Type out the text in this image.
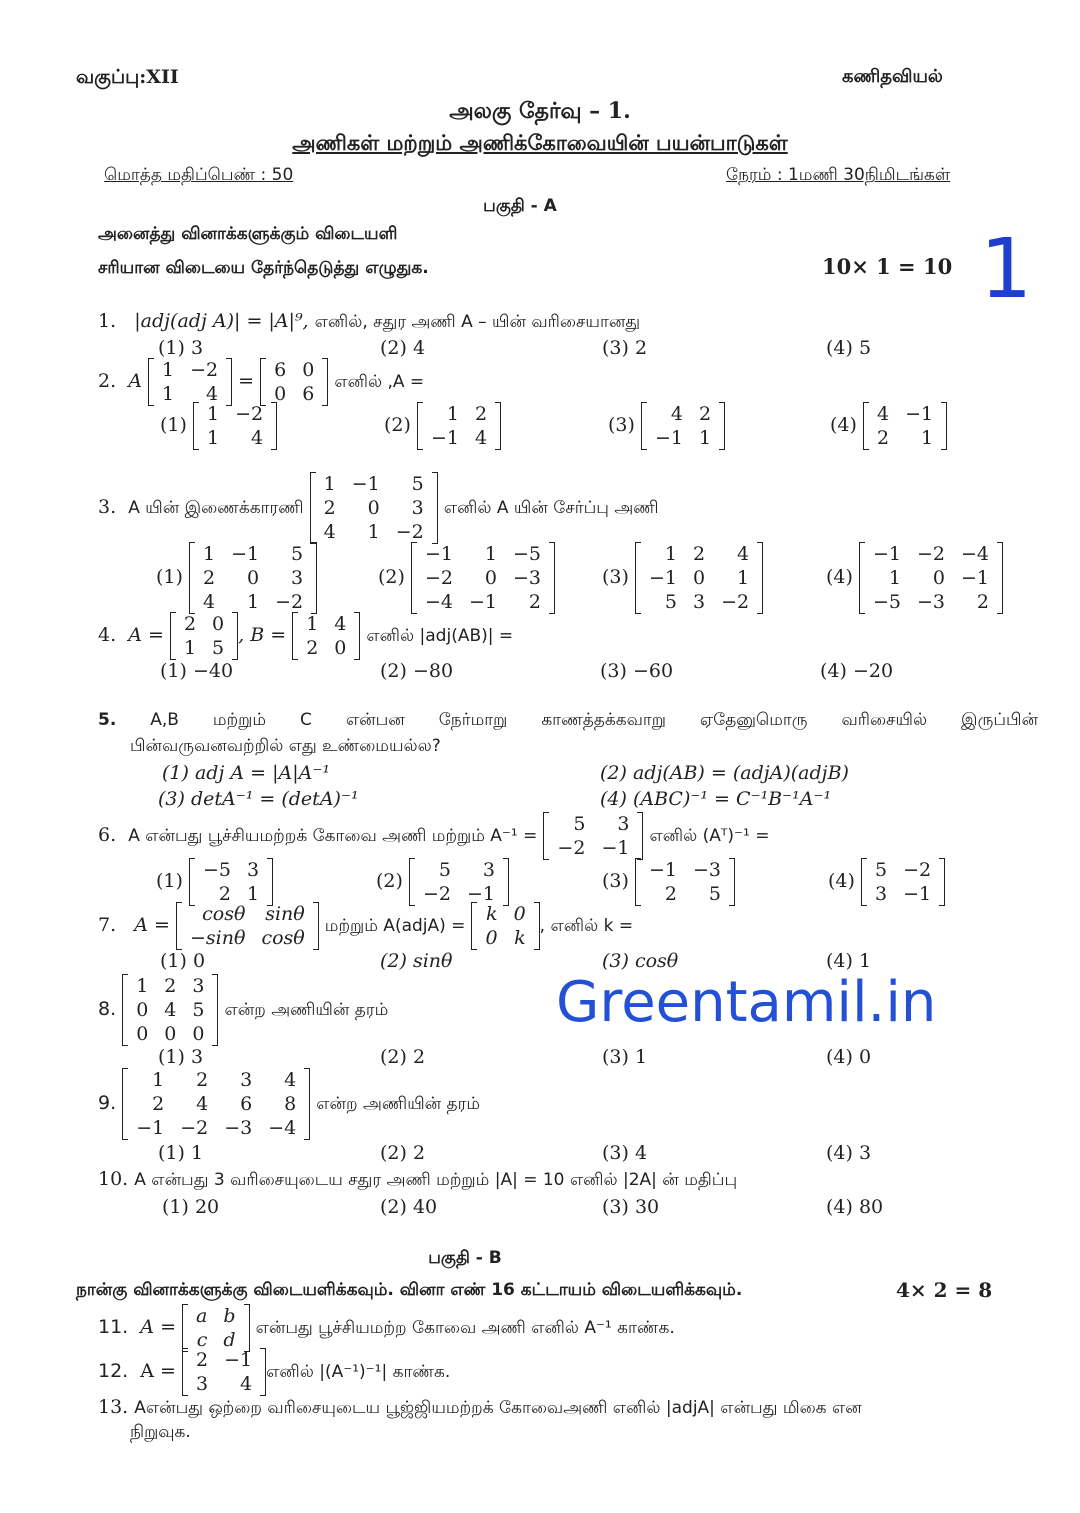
வகுப்பு:XII	கணிதவியல்
அலகு தேர்வு – 1.
அணிகள் மற்றும் அணிக்கோவையின் பயன்பாடுகள்
மொத்த மதிப்பெண் : 50	நேரம் : 1மணி 30நிமிடங்கள்
1
பகுதி - A
அனைத்து வினாக்களுக்கும் விடையளி
சரியான விடையை தேர்ந்தெடுத்து எழுதுக.	10× 1 = 10
1. |adj(adj A)| = |A|⁹, எனில், சதுர அணி A – யின் வரிசையானது
(1) 3	(2) 4	(3) 2	(4) 5
2.  A 1	−2
1	4
= 6	0
0	6
எனில் ,A =
(1) 1	−2
1	4
(2) 1	2
−1	4
(3) 4	2
−1	1
(4) 4	−1
2	1
3. A யின் இணைக்காரணி
1	−1	5
2	0	3
4	1	−2
எனில் A யின் சேர்ப்பு அணி
(1)
1	−1	5
2	0	3
4	1	−2
(2)
−1	1	−5
−2	0	−3
−4	−1	2
(3)
1	2	4
−1	0	1
5	3	−2
(4)
−1	−2	−4
1	0	−1
−5	−3	2
4.  A = 2	0
1	5
, B = 1	4
2	0
எனில் |adj(AB)| =
(1) −40	(2) −80	(3) −60	(4) −20
5. A,B மற்றும் C என்பன நேர்மாறு காணத்தக்கவாறு ஏதேனுமொரு வரிசையில் இருப்பின்
பின்வருவனவற்றில் எது உண்மையல்ல?
(1) adj A = |A|A⁻¹	(2) adj(AB) = (adjA)(adjB)
(3) detA⁻¹ = (detA)⁻¹	(4) (ABC)⁻¹ = C⁻¹B⁻¹A⁻¹
6. A என்பது பூச்சியமற்றக் கோவை அணி மற்றும் A⁻¹ =
5	3
−2	−1
எனில் (Aᵀ)⁻¹ =
(1) −5	3
2	1
(2) 5	3
−2	−1
(3) −1	−3
2	5
(4) 5	−2
3	−1
7.   A = cosθ	sinθ
−sinθ	cosθ
மற்றும் A(adjA) =
k	0
0	k
, எனில் k =
(1) 0	(2) sinθ	(3) cosθ	(4) 1
8.
1	2	3
0	4	5
0	0	0
என்ற அணியின் தரம்	Greentamil.in
(1) 3	(2) 2	(3) 1	(4) 0
9.
1	2	3	4
2	4	6	8
−1	−2	−3	−4
என்ற அணியின் தரம்
(1) 1	(2) 2	(3) 4	(4) 3
10. A என்பது 3 வரிசையுடைய சதுர அணி மற்றும் |A| = 10 எனில் |2A| ன் மதிப்பு
(1) 20	(2) 40	(3) 30	(4) 80
பகுதி - B
நான்கு வினாக்களுக்கு விடையளிக்கவும். வினா எண் 16 கட்டாயம் விடையளிக்கவும்.	4× 2 = 8
11.  A = a	b
c	d
என்பது பூச்சியமற்ற கோவை அணி எனில் A⁻¹ காண்க.
12.  A = 2	−1
3	4
எனில் |(A⁻¹)⁻¹| காண்க.
13. Aஎன்பது ஒற்றை வரிசையுடைய பூஜ்ஜியமற்றக் கோவைஅணி எனில் |adjA| என்பது மிகை என
நிறுவுக.
